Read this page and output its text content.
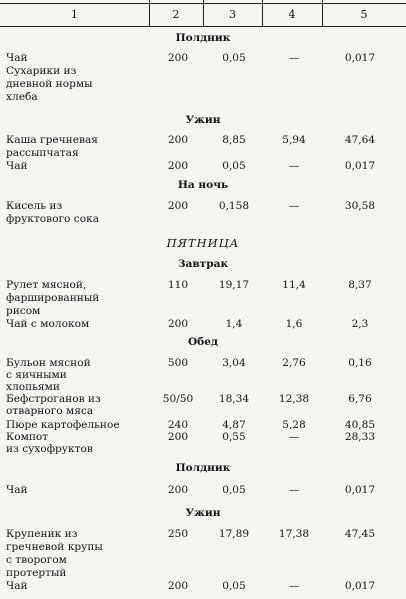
1	2	3	4	5
Полдник
Чай
Сухарики из
дневной нормы
хлеба
200	0,05	—	0,017
Ужин
Каша гречневая
рассыпчатая
200	8,85	5,94	47,64
Чай	200	0,05	—	0,017
На ночь
Кисель из
фруктового сока
200	0,158	—	30,58
ПЯТНИЦА
Завтрак
Рулет мясной,
фаршированный
рисом
110	19,17	11,4	8,37
Чай с молоком	200	1,4	1,6	2,3
Обед
Бульон мясной
с яичными
хлопьями
500	3,04	2,76	0,16
Бефстроганов из
отварного мяса
50/50	18,34	12,38	6,76
Пюре картофельное	240	4,87	5,28	40,85
Компот
из сухофруктов
200	0,55	—	28,33
Полдник
Чай	200	0,05	—	0,017
Ужин
Крупеник из
гречневой крупы
с творогом
протертый
250	17,89	17,38	47,45
Чай	200	0,05	—	0,017
